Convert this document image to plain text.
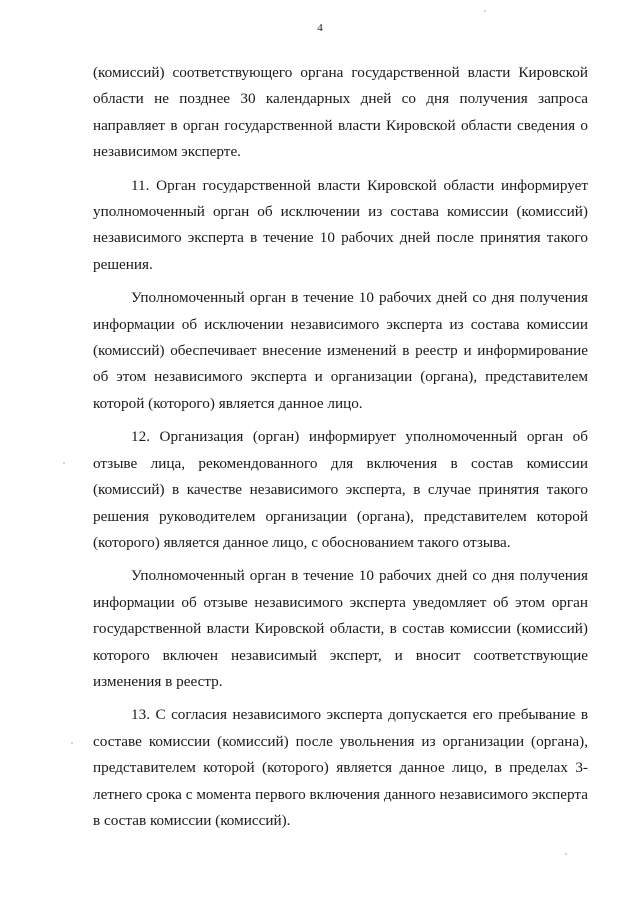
4

(комиссий) соответствующего органа государственной власти Кировской области не позднее 30 календарных дней со дня получения запроса направляет в орган государственной власти Кировской области сведения о независимом эксперте.

11. Орган государственной власти Кировской области информирует уполномоченный орган об исключении из состава комиссии (комиссий) независимого эксперта в течение 10 рабочих дней после принятия такого решения.

Уполномоченный орган в течение 10 рабочих дней со дня получения информации об исключении независимого эксперта из состава комиссии (комиссий) обеспечивает внесение изменений в реестр и информирование об этом независимого эксперта и организации (органа), представителем которой (которого) является данное лицо.

12. Организация (орган) информирует уполномоченный орган об отзыве лица, рекомендованного для включения в состав комиссии (комиссий) в качестве независимого эксперта, в случае принятия такого решения руководителем организации (органа), представителем которой (которого) является данное лицо, с обоснованием такого отзыва.

Уполномоченный орган в течение 10 рабочих дней со дня получения информации об отзыве независимого эксперта уведомляет об этом орган государственной власти Кировской области, в состав комиссии (комиссий) которого включен независимый эксперт, и вносит соответствующие изменения в реестр.

13. С согласия независимого эксперта допускается его пребывание в составе комиссии (комиссий) после увольнения из организации (органа), представителем которой (которого) является данное лицо, в пределах 3-летнего срока с момента первого включения данного независимого эксперта в состав комиссии (комиссий).
